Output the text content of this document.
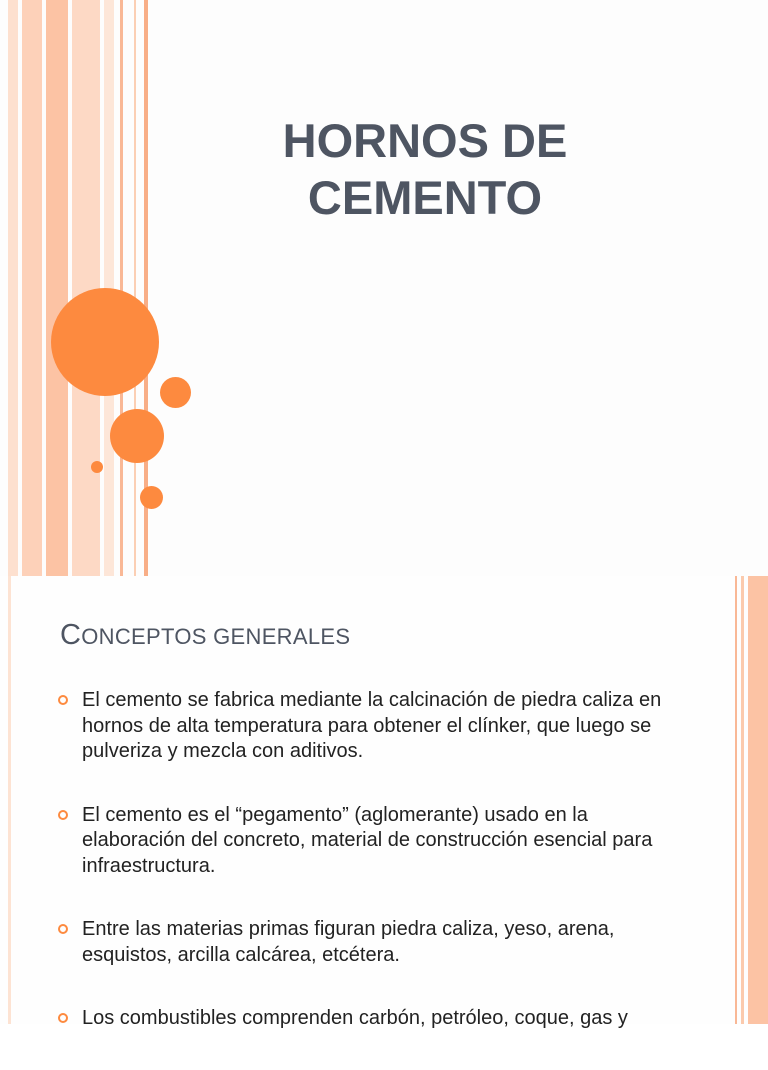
HORNOS DE
CEMENTO
CONCEPTOS GENERALES
El cemento se fabrica mediante la calcinación de piedra caliza en hornos de alta temperatura para obtener el clínker, que luego se pulveriza y mezcla con aditivos.
El cemento es el “pegamento” (aglomerante) usado en la elaboración del concreto, material de construcción esencial para infraestructura.
Entre las materias primas figuran piedra caliza, yeso, arena, esquistos, arcilla calcárea, etcétera.
Los combustibles comprenden carbón, petróleo, coque, gas y
